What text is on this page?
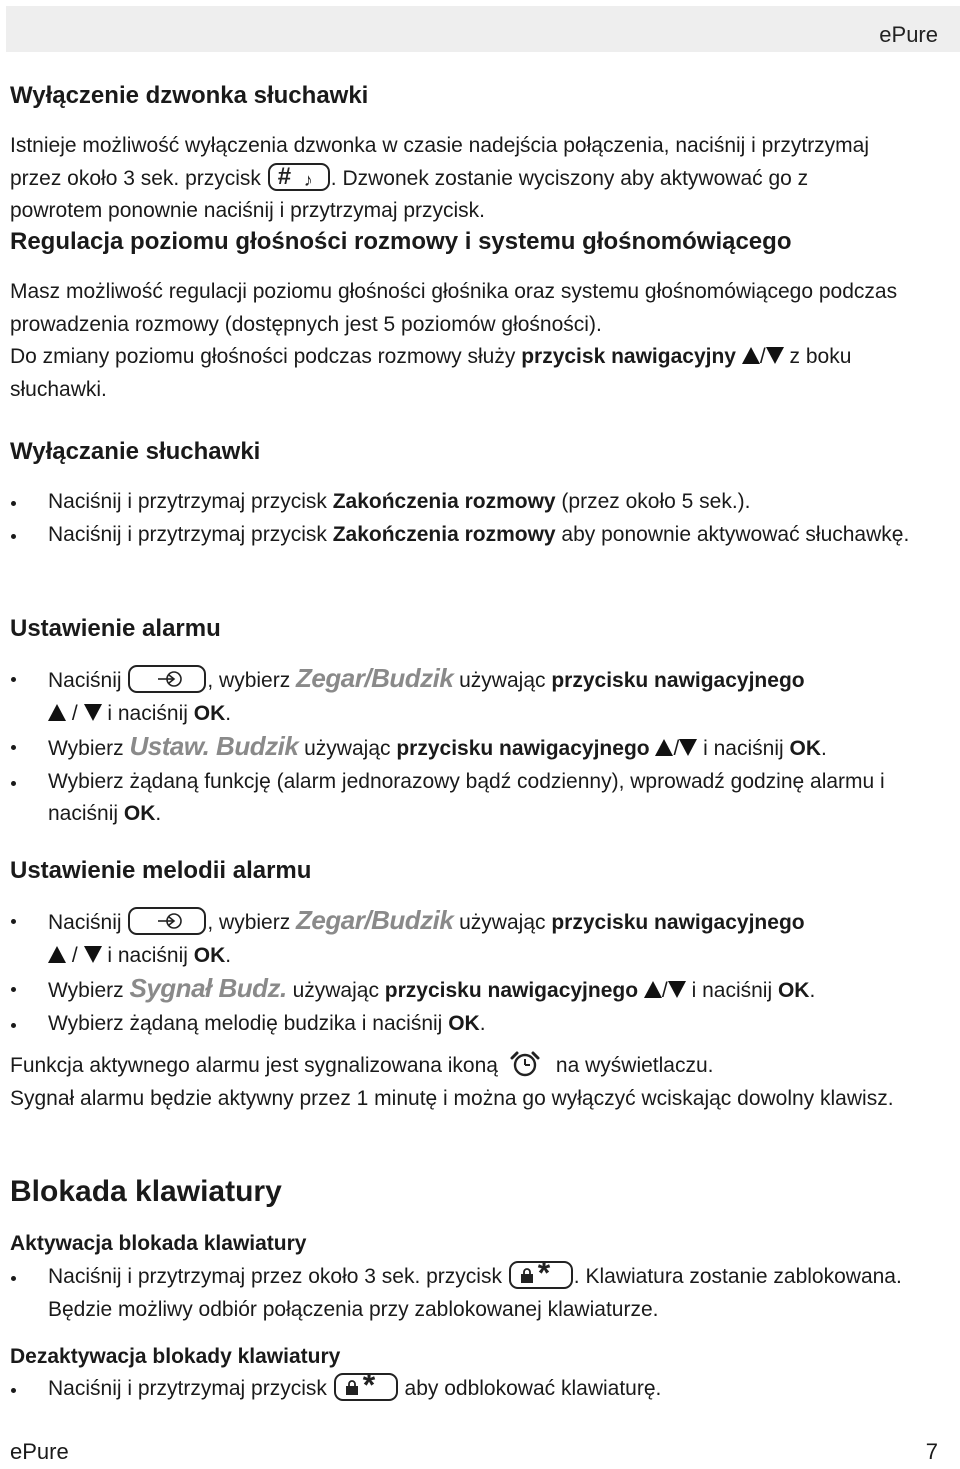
ePure
Wyłączenie dzwonka słuchawki

Istnieje możliwość wyłączenia dzwonka w czasie nadejścia połączenia, naciśnij i przytrzymaj przez około 3 sek. przycisk # ♪ . Dzwonek zostanie wyciszony aby aktywować go z powrotem ponownie naciśnij i przytrzymaj przycisk.

Regulacja poziomu głośności rozmowy i systemu głośnomówiącego

Masz możliwość regulacji poziomu głośności głośnika oraz systemu głośnomówiącego podczas prowadzenia rozmowy (dostępnych jest 5 poziomów głośności).

Do zmiany poziomu głośności podczas rozmowy służy przycisk nawigacyjny / z boku słuchawki.

Wyłączanie słuchawki
Naciśnij i przytrzymaj przycisk Zakończenia rozmowy (przez około 5 sek.).
Naciśnij i przytrzymaj przycisk Zakończenia rozmowy aby ponownie aktywować słuchawkę.
Ustawienie alarmu
Naciśnij	, wybierz Zegar/Budzik używając przycisku nawigacyjnego
/  i naciśnij OK.
Wybierz Ustaw. Budzik używając przycisku nawigacyjnego / i naciśnij OK.
Wybierz żądaną funkcję (alarm jednorazowy bądź codzienny), wprowadź godzinę alarmu i naciśnij OK.
Ustawienie melodii alarmu
Naciśnij	, wybierz Zegar/Budzik używając przycisku nawigacyjnego
/  i naciśnij OK.
Wybierz Sygnał Budz. używając przycisku nawigacyjnego / i naciśnij OK.
Wybierz żądaną melodię budzika i naciśnij OK.

Funkcja aktywnego alarmu jest sygnalizowana ikoną	na wyświetlaczu.

Sygnał alarmu będzie aktywny przez 1 minutę i można go wyłączyć wciskając dowolny klawisz.

Blokada klawiatury
Aktywacja blokada klawiatury
Naciśnij i przytrzymaj przez około 3 sek. przycisk * . Klawiatura zostanie zablokowana. Będzie możliwy odbiór połączenia przy zablokowanej klawiaturze.
Dezaktywacja blokady klawiatury
Naciśnij i przytrzymaj przycisk * aby odblokować klawiaturę.
ePure	7
